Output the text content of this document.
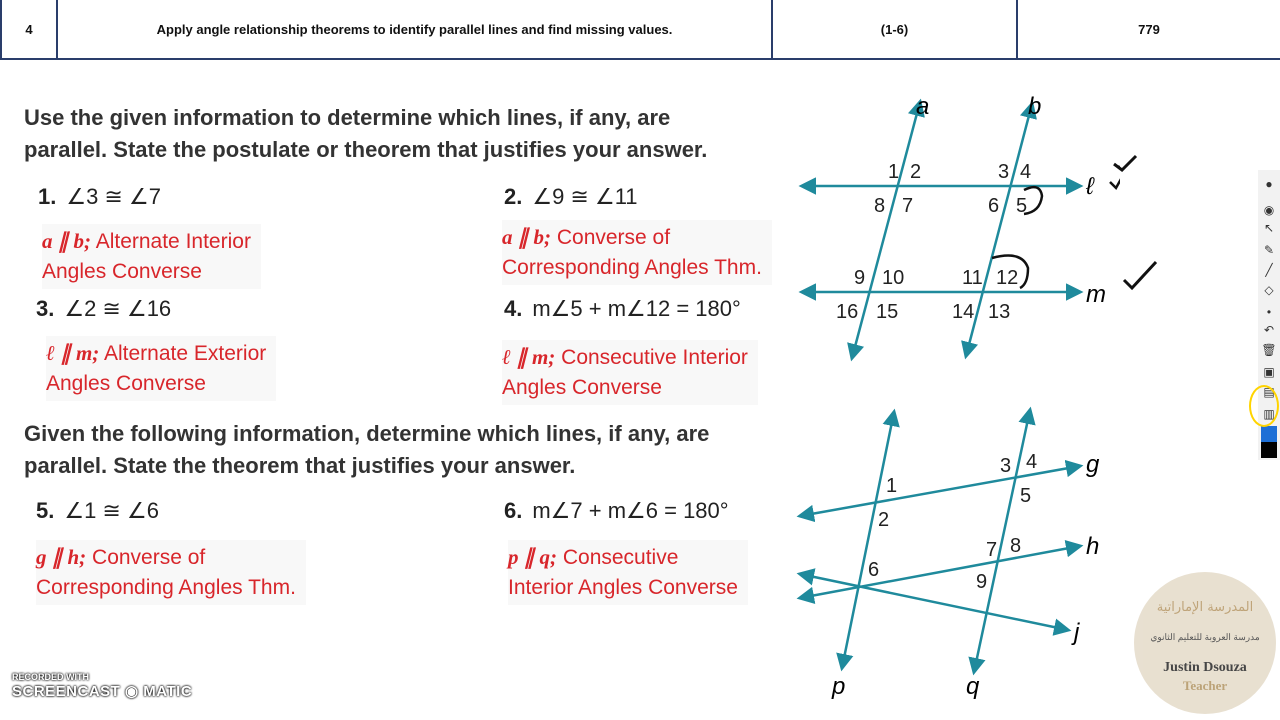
4	Apply angle relationship theorems to identify parallel lines and find missing values.	(1-6)	779
Use the given information to determine which lines, if any, are
parallel. State the postulate or theorem that justifies your answer.
1. ∠3 ≅ ∠7
a ∥ b; Alternate Interior
Angles Converse
2. ∠9 ≅ ∠11
a ∥ b; Converse of
Corresponding Angles Thm.
3. ∠2 ≅ ∠16
ℓ ∥ m; Alternate Exterior
Angles Converse
4. m∠5 + m∠12 = 180°
ℓ ∥ m; Consecutive Interior
Angles Converse
Given the following information, determine which lines, if any, are
parallel. State the theorem that justifies your answer.
5. ∠1 ≅ ∠6
g ∥ h; Converse of
Corresponding Angles Thm.
6. m∠7 + m∠6 = 180°
p ∥ q; Consecutive
Interior Angles Converse
a	b
ℓ
m
1 2	3 4
8 7	6 5
9 10	11 12
16 15	14 13
g
h
j
p	q
1
2
3 4
5
6
7 8
9
●
◉
↖
✎
╱
◇
•
↶
🗑
▣
▤
▥
المدرسة الإماراتية
مدرسة العروبة للتعليم الثانوي
Justin Dsouza
Teacher
RECORDED WITH
SCREENCAST ◉ MATIC
